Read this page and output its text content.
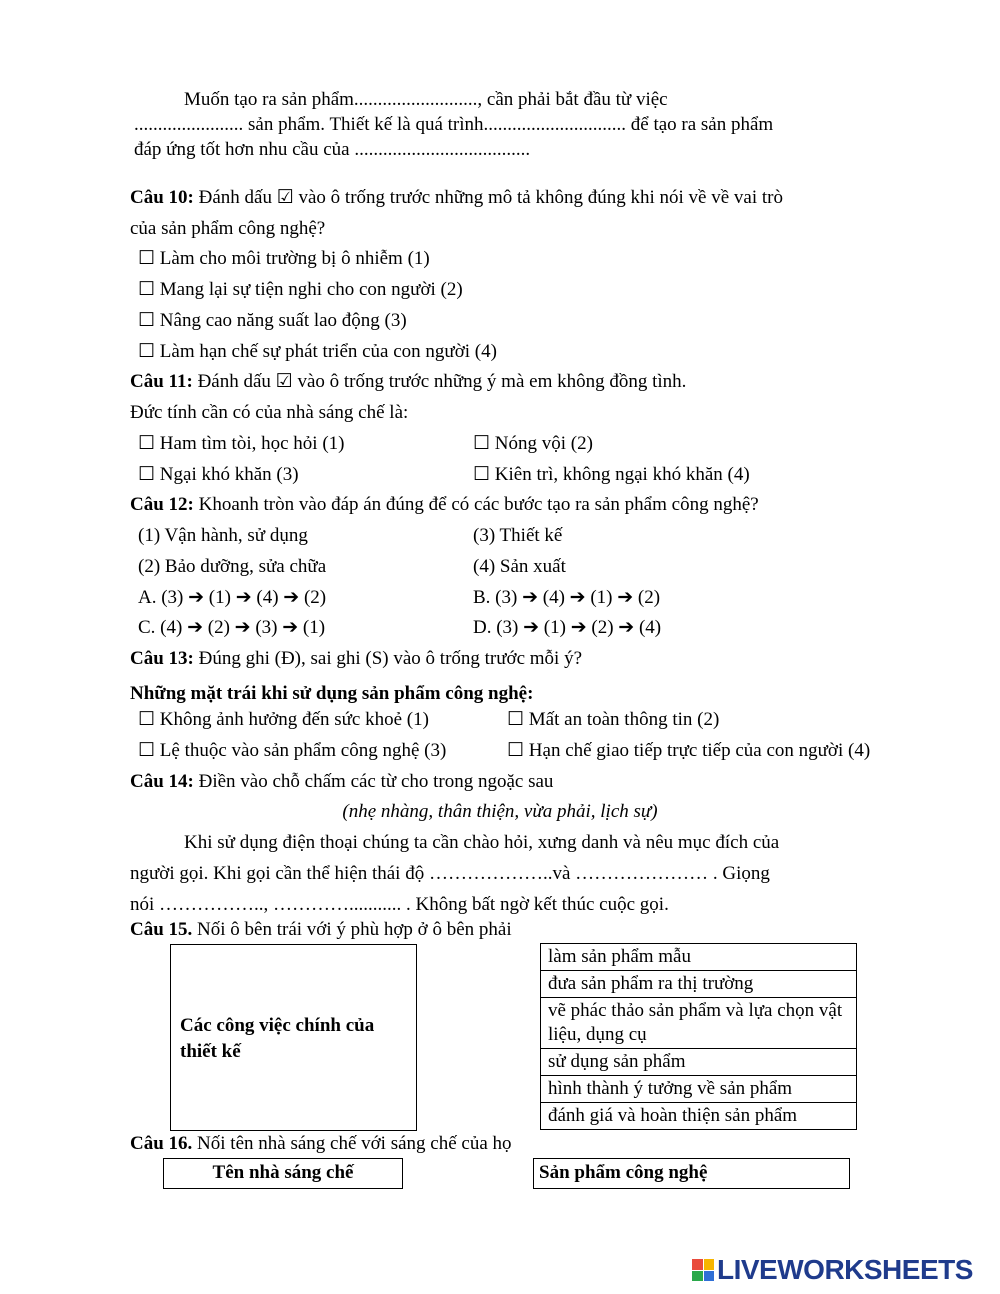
Muốn tạo ra sản phẩm.........................., cần phải bắt đầu từ việc
....................... sản phẩm. Thiết kế là quá trình.............................. để tạo ra sản phẩm
đáp ứng tốt hơn nhu cầu của .....................................
Câu 10: Đánh dấu ☑ vào ô trống trước những mô tả không đúng khi nói về về vai trò
của sản phẩm công nghệ?
☐ Làm cho môi trường bị ô nhiễm (1)
☐ Mang lại sự tiện nghi cho con người (2)
☐ Nâng cao năng suất lao động (3)
☐ Làm hạn chế sự phát triển của con người (4)
Câu 11: Đánh dấu ☑ vào ô trống trước những ý mà em không đồng tình.
Đức tính cần có của nhà sáng chế là:
☐ Ham tìm tòi, học hỏi (1)	☐ Nóng vội (2)
☐ Ngại khó khăn (3)	☐ Kiên trì, không ngại khó khăn (4)
Câu 12: Khoanh tròn vào đáp án đúng để có các bước tạo ra sản phẩm công nghệ?
(1) Vận hành, sử dụng	(3) Thiết kế
(2) Bảo dưỡng, sửa chữa	(4) Sản xuất
A. (3) ➔ (1) ➔ (4) ➔ (2)	B. (3) ➔ (4) ➔ (1) ➔ (2)
C. (4) ➔ (2) ➔ (3) ➔ (1)	D. (3) ➔ (1) ➔ (2) ➔ (4)
Câu 13: Đúng ghi (Đ), sai ghi (S) vào ô trống trước mỗi ý?
Những mặt trái khi sử dụng sản phẩm công nghệ:
☐ Không ảnh hưởng đến sức khoẻ (1)	☐ Mất an toàn thông tin (2)
☐ Lệ thuộc vào sản phẩm công nghệ (3)	☐ Hạn chế giao tiếp trực tiếp của con người (4)
Câu 14: Điền vào chỗ chấm các từ cho trong ngoặc sau
(nhẹ nhàng, thân thiện, vừa phải, lịch sự)
Khi sử dụng điện thoại chúng ta cần chào hỏi, xưng danh và nêu mục đích của
người gọi. Khi gọi cần thể hiện thái độ ………………..và ………………… . Giọng
nói …………….., …………........... . Không bất ngờ kết thúc cuộc gọi.
Câu 15. Nối ô bên trái với ý phù hợp ở ô bên phải
Các công việc chính của thiết kế
làm sản phẩm mẫu
đưa sản phẩm ra thị trường
vẽ phác thảo sản phẩm và lựa chọn vật liệu, dụng cụ
sử dụng sản phẩm
hình thành ý tưởng về sản phẩm
đánh giá và hoàn thiện sản phẩm
Câu 16. Nối tên nhà sáng chế với sáng chế của họ
Tên nhà sáng chế	Sản phẩm công nghệ
LIVEWORKSHEETS
